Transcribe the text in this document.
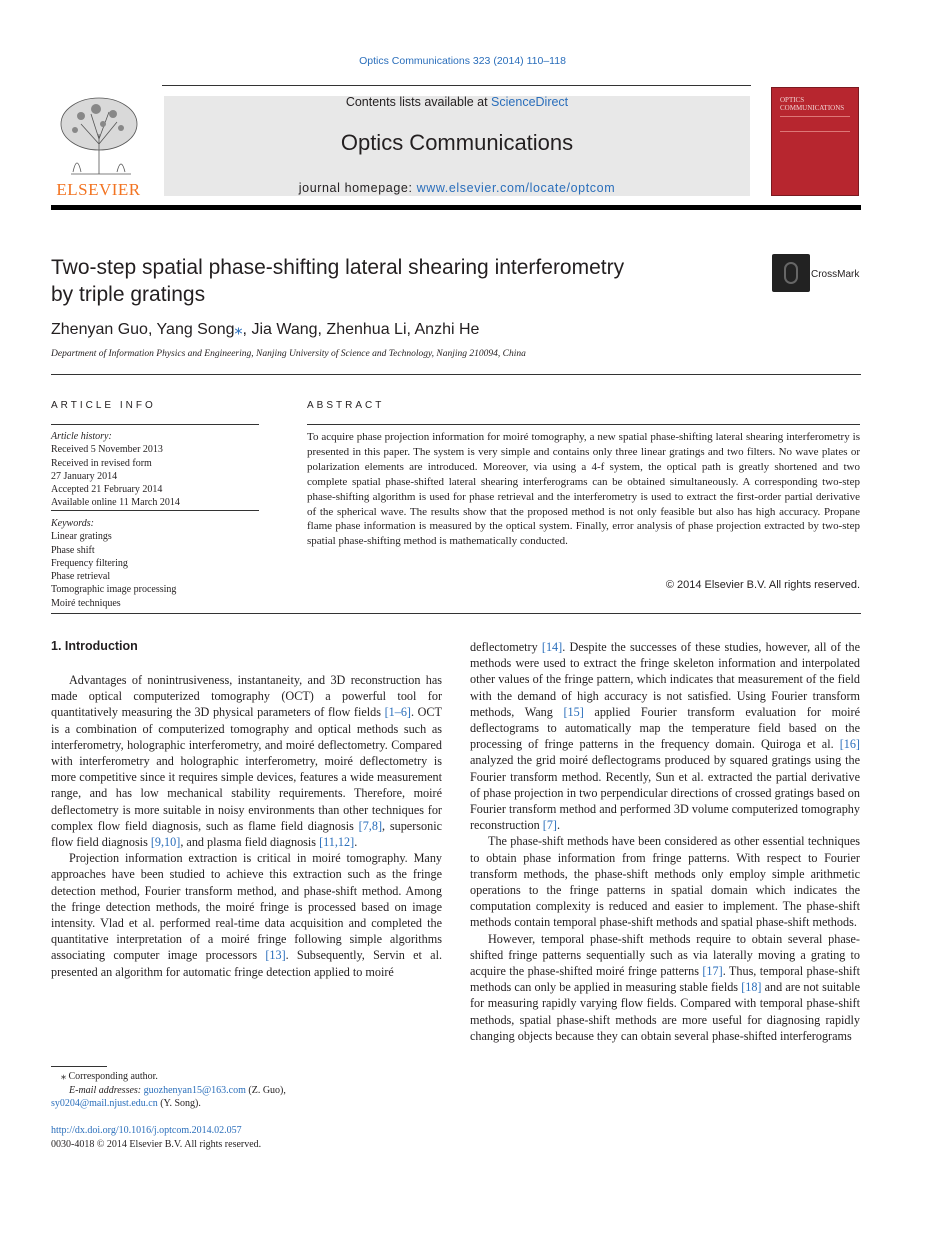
Optics Communications 323 (2014) 110–118
ELSEVIER
Contents lists available at ScienceDirect
Optics Communications
journal homepage: www.elsevier.com/locate/optcom
OPTICS COMMUNICATIONS
Two-step spatial phase-shifting lateral shearing interferometry
by triple gratings
CrossMark
Zhenyan Guo, Yang Song⁎, Jia Wang, Zhenhua Li, Anzhi He
Department of Information Physics and Engineering, Nanjing University of Science and Technology, Nanjing 210094, China
ARTICLE INFO
Article history:
Received 5 November 2013
Received in revised form
27 January 2014
Accepted 21 February 2014
Available online 11 March 2014
Keywords:
Linear gratings
Phase shift
Frequency filtering
Phase retrieval
Tomographic image processing
Moiré techniques
ABSTRACT
To acquire phase projection information for moiré tomography, a new spatial phase-shifting lateral shearing interferometry is presented in this paper. The system is very simple and contains only three linear gratings and two filters. No wave plates or polarization elements are introduced. Moreover, via using a 4-f system, the optical path is greatly shortened and two complete spatial phase-shifted lateral shearing interferograms can be obtained simultaneously. A corresponding two-step phase-shifting algorithm is used for phase retrieval and the interferometry is used to extract the first-order partial derivative of the spherical wave. The results show that the proposed method is not only feasible but also has high accuracy. Propane flame phase information is measured by the optical system. Finally, error analysis of phase projection extracted by two-step spatial phase-shifting method is mathematically conducted.
© 2014 Elsevier B.V. All rights reserved.
1. Introduction

Advantages of nonintrusiveness, instantaneity, and 3D reconstruction has made optical computerized tomography (OCT) a powerful tool for quantitatively measuring the 3D physical parameters of flow fields [1–6]. OCT is a combination of computerized tomography and optical methods such as interferometry, holographic interferometry, and moiré deflectometry. Compared with interferometry and holographic interferometry, moiré deflectometry is more competitive since it requires simple devices, features a wide measurement range, and has low mechanical stability requirements. Therefore, moiré deflectometry is more suitable in noisy environments than other techniques for complex flow field diagnosis, such as flame field diagnosis [7,8], supersonic flow field diagnosis [9,10], and plasma field diagnosis [11,12].

Projection information extraction is critical in moiré tomography. Many approaches have been studied to achieve this extraction such as the fringe detection method, Fourier transform method, and phase-shift method. Among the fringe detection methods, the moiré fringe is processed based on image intensity. Vlad et al. performed real-time data acquisition and completed the quantitative interpretation of a moiré fringe following simple algorithms associating computer image processors [13]. Subsequently, Servin et al. presented an algorithm for automatic fringe detection applied to moiré

deflectometry [14]. Despite the successes of these studies, however, all of the methods were used to extract the fringe skeleton information and interpolated other values of the fringe pattern, which indicates that measurement of the field with the demand of high accuracy is not satisfied. Using Fourier transform methods, Wang [15] applied Fourier transform evaluation for moiré deflectograms to automatically map the temperature field based on the processing of fringe patterns in the frequency domain. Quiroga et al. [16] analyzed the grid moiré deflectograms produced by squared gratings using the Fourier transform method. Recently, Sun et al. extracted the partial derivative of phase projection in two perpendicular directions of crossed gratings based on Fourier transform method and performed 3D volume computerized tomography reconstruction [7].

The phase-shift methods have been considered as other essential techniques to obtain phase information from fringe patterns. With respect to Fourier transform methods, the phase-shift methods only employ simple arithmetic operations to the fringe patterns in spatial domain which indicates the computation complexity is reduced and easier to implement. The phase-shift methods contain temporal phase-shift methods and spatial phase-shift methods.

However, temporal phase-shift methods require to obtain several phase-shifted fringe patterns sequentially such as via laterally moving a grating to acquire the phase-shifted moiré fringe patterns [17]. Thus, temporal phase-shift methods can only be applied in measuring stable fields [18] and are not suitable for measuring rapidly varying flow fields. Compared with temporal phase-shift methods, spatial phase-shift methods are more useful for diagnosing rapidly changing objects because they can obtain several phase-shifted interferograms

⁎ Corresponding author.
E-mail addresses: guozhenyan15@163.com (Z. Guo),
sy0204@mail.njust.edu.cn (Y. Song).
http://dx.doi.org/10.1016/j.optcom.2014.02.057
0030-4018 © 2014 Elsevier B.V. All rights reserved.
